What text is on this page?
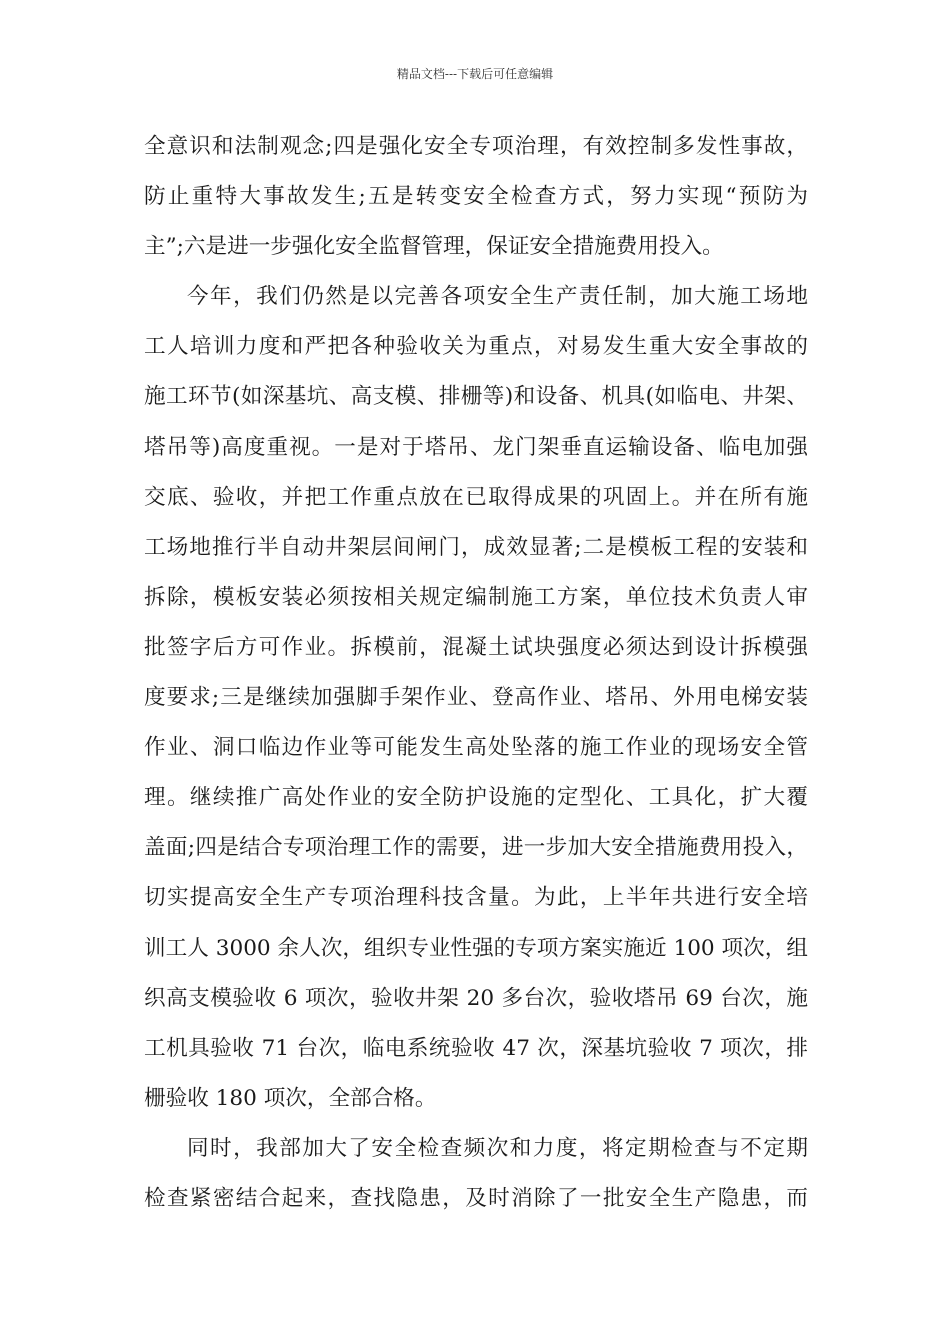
精品文档---下载后可任意编辑
全意识和法制观念;四是强化安全专项治理，有效控制多发性事故，
防止重特大事故发生;五是转变安全检查方式，努力实现“预防为
主”;六是进一步强化安全监督管理，保证安全措施费用投入。
今年，我们仍然是以完善各项安全生产责任制，加大施工场地
工人培训力度和严把各种验收关为重点，对易发生重大安全事故的
施工环节(如深基坑、高支模、排栅等)和设备、机具(如临电、井架、
塔吊等)高度重视。一是对于塔吊、龙门架垂直运输设备、临电加强
交底、验收，并把工作重点放在已取得成果的巩固上。并在所有施
工场地推行半自动井架层间闸门，成效显著;二是模板工程的安装和
拆除，模板安装必须按相关规定编制施工方案，单位技术负责人审
批签字后方可作业。拆模前，混凝土试块强度必须达到设计拆模强
度要求;三是继续加强脚手架作业、登高作业、塔吊、外用电梯安装
作业、洞口临边作业等可能发生高处坠落的施工作业的现场安全管
理。继续推广高处作业的安全防护设施的定型化、工具化，扩大覆
盖面;四是结合专项治理工作的需要，进一步加大安全措施费用投入，
切实提高安全生产专项治理科技含量。为此，上半年共进行安全培
训工人 3000 余人次，组织专业性强的专项方案实施近 100 项次，组
织高支模验收 6 项次，验收井架 20 多台次，验收塔吊 69 台次，施
工机具验收 71 台次，临电系统验收 47 次，深基坑验收 7 项次，排
栅验收 180 项次，全部合格。
同时，我部加大了安全检查频次和力度，将定期检查与不定期
检查紧密结合起来，查找隐患，及时消除了一批安全生产隐患，而
